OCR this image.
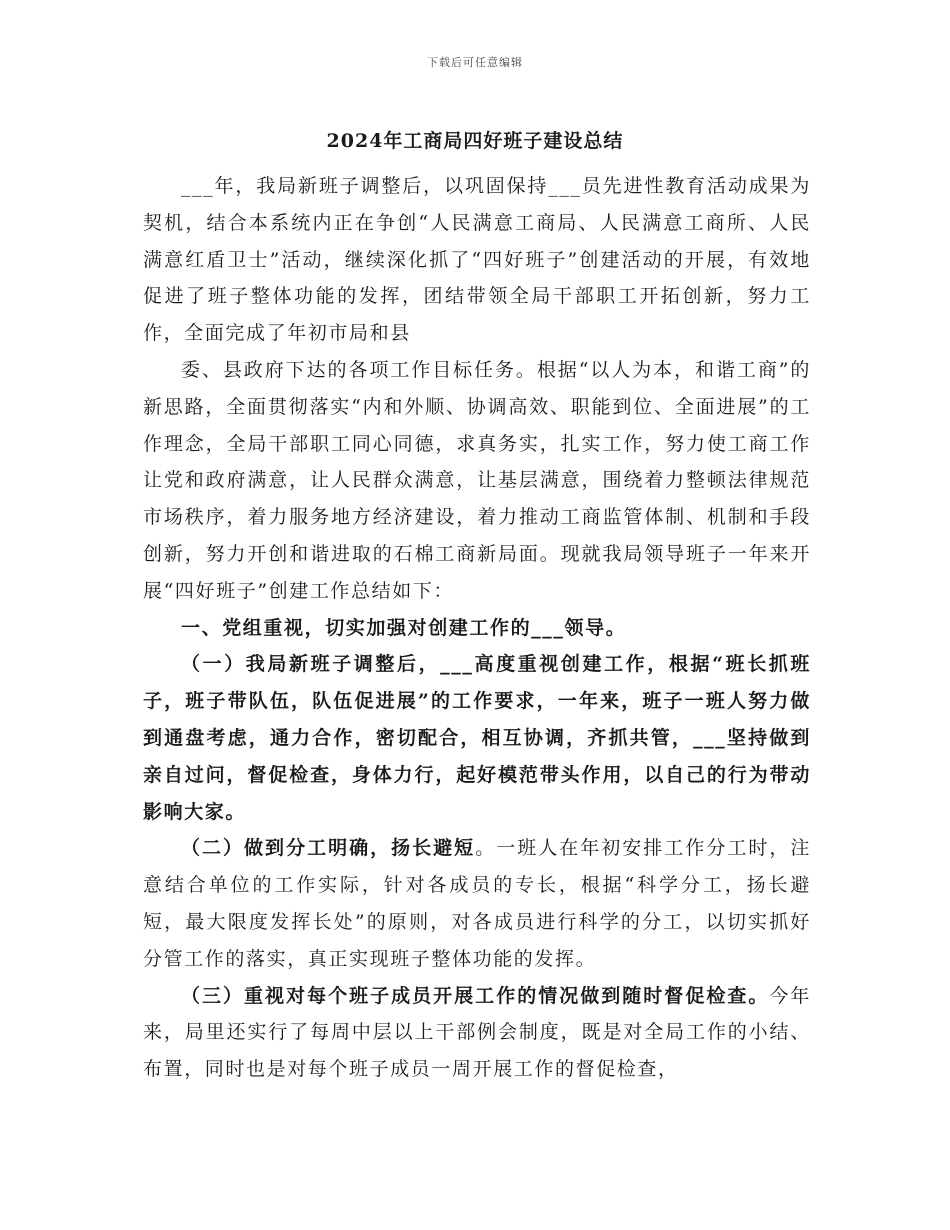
下载后可任意编辑
2024年工商局四好班子建设总结

___年，我局新班子调整后，以巩固保持___员先进性教育活动成果为契机，结合本系统内正在争创“人民满意工商局、人民满意工商所、人民满意红盾卫士”活动，继续深化抓了“四好班子”创建活动的开展，有效地促进了班子整体功能的发挥，团结带领全局干部职工开拓创新，努力工作，全面完成了年初市局和县

委、县政府下达的各项工作目标任务。根据“以人为本，和谐工商”的新思路，全面贯彻落实“内和外顺、协调高效、职能到位、全面进展”的工作理念，全局干部职工同心同德，求真务实，扎实工作，努力使工商工作让党和政府满意，让人民群众满意，让基层满意，围绕着力整顿法律规范市场秩序，着力服务地方经济建设，着力推动工商监管体制、机制和手段创新，努力开创和谐进取的石棉工商新局面。现就我局领导班子一年来开展“四好班子”创建工作总结如下：

一、党组重视，切实加强对创建工作的___领导。

（一）我局新班子调整后，___高度重视创建工作，根据“班长抓班子，班子带队伍，队伍促进展”的工作要求，一年来，班子一班人努力做到通盘考虑，通力合作，密切配合，相互协调，齐抓共管，___坚持做到亲自过问，督促检查，身体力行，起好模范带头作用，以自己的行为带动影响大家。

（二）做到分工明确，扬长避短。一班人在年初安排工作分工时，注意结合单位的工作实际，针对各成员的专长，根据“科学分工，扬长避短，最大限度发挥长处”的原则，对各成员进行科学的分工，以切实抓好分管工作的落实，真正实现班子整体功能的发挥。

（三）重视对每个班子成员开展工作的情况做到随时督促检查。今年来，局里还实行了每周中层以上干部例会制度，既是对全局工作的小结、布置，同时也是对每个班子成员一周开展工作的督促检查，
